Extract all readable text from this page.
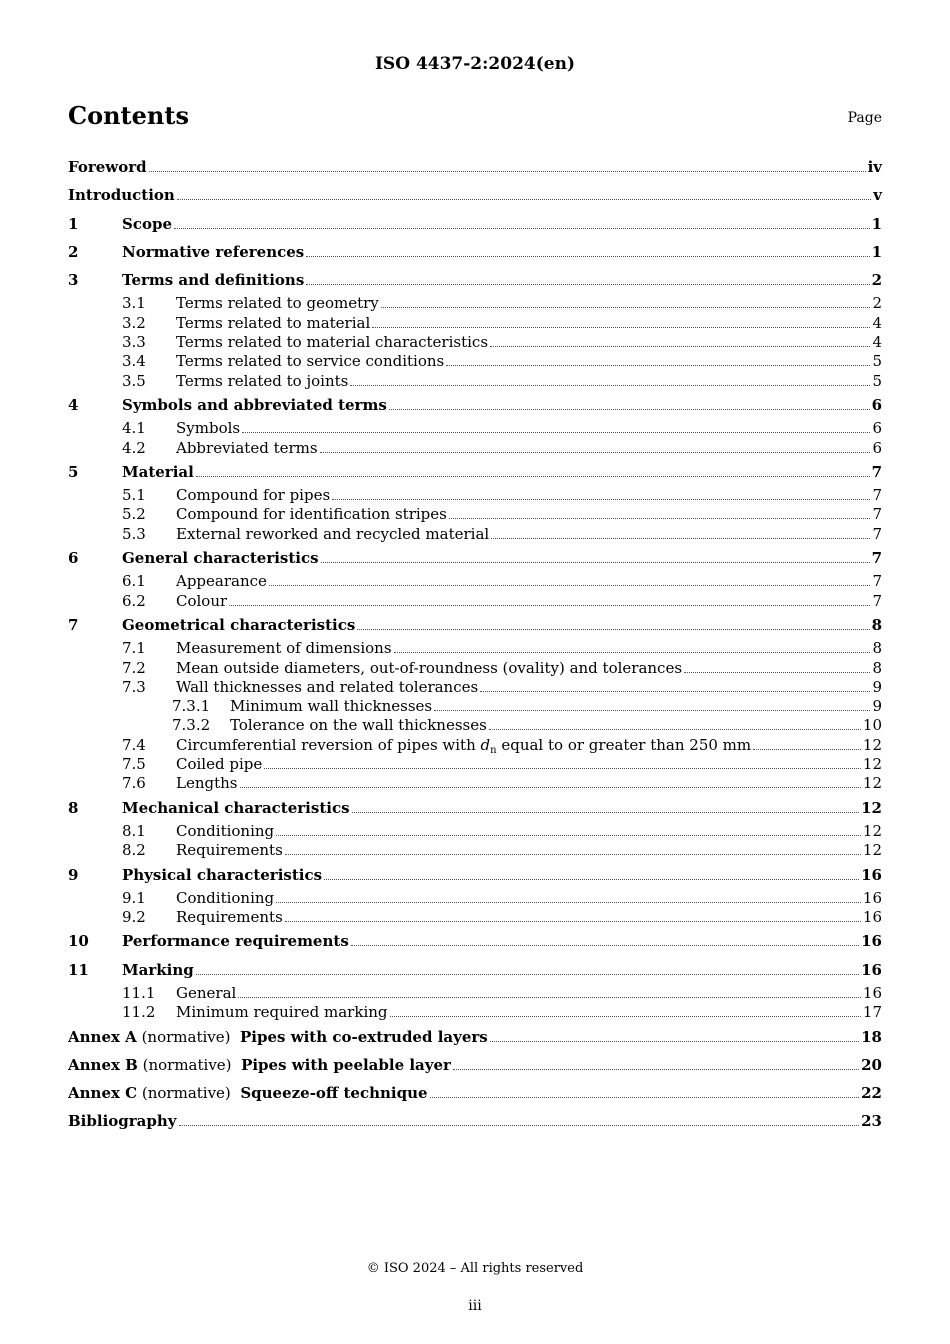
ISO 4437-2:2024(en)
Contents	Page
Foreword	iv
Introduction	v
1	Scope	1
2	Normative references	1
3	Terms and definitions	2
3.1	Terms related to geometry	2
3.2	Terms related to material	4
3.3	Terms related to material characteristics	4
3.4	Terms related to service conditions	5
3.5	Terms related to joints	5
4	Symbols and abbreviated terms	6
4.1	Symbols	6
4.2	Abbreviated terms	6
5	Material	7
5.1	Compound for pipes	7
5.2	Compound for identification stripes	7
5.3	External reworked and recycled material	7
6	General characteristics	7
6.1	Appearance	7
6.2	Colour	7
7	Geometrical characteristics	8
7.1	Measurement of dimensions	8
7.2	Mean outside diameters, out-of-roundness (ovality) and tolerances	8
7.3	Wall thicknesses and related tolerances	9
7.3.1	Minimum wall thicknesses	9
7.3.2	Tolerance on the wall thicknesses	10
7.4	Circumferential reversion of pipes with $d_n$ equal to or greater than 250 mm	12
7.5	Coiled pipe	12
7.6	Lengths	12
8	Mechanical characteristics	12
8.1	Conditioning	12
8.2	Requirements	12
9	Physical characteristics	16
9.1	Conditioning	16
9.2	Requirements	16
10	Performance requirements	16
11	Marking	16
11.1	General	16
11.2	Minimum required marking	17
Annex A (normative)  Pipes with co-extruded layers	18
Annex B (normative)  Pipes with peelable layer	20
Annex C (normative)  Squeeze-off technique	22
Bibliography	23
© ISO 2024 – All rights reserved
iii
